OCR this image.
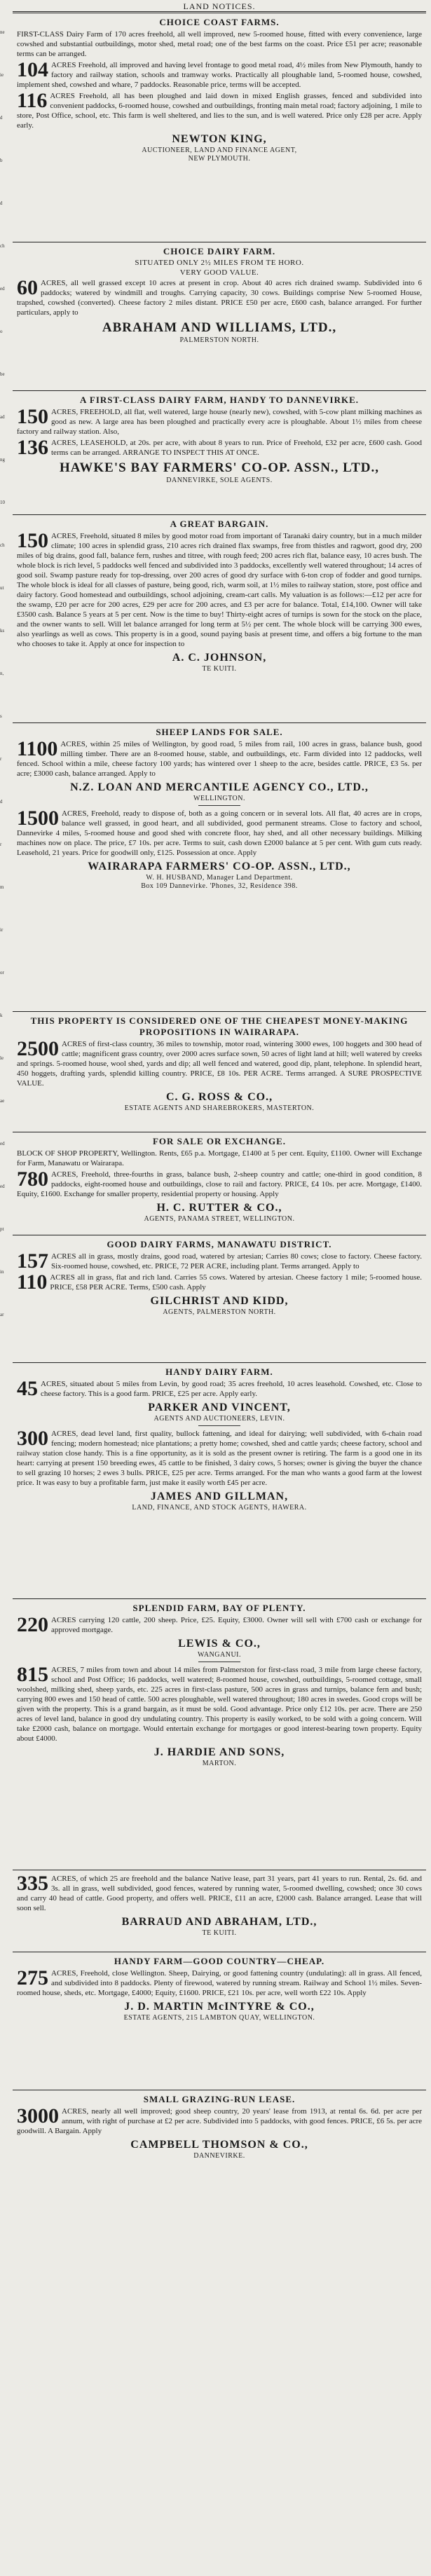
ne
ie
d
b
d
ch
ed
o
be
ad
ng
10
ch
ut
ks
n,
s
r
d
r
m
ir
or
k
le
ae
ed
ed
pt
in
ar
LAND NOTICES.
CHOICE COAST FARMS.
FIRST-CLASS Dairy Farm of 170 acres freehold, all well improved, new 5-roomed house, fitted with every convenience, large cowshed and substantial outbuildings, motor shed, metal road; one of the best farms on the coast. Price £51 per acre; reasonable terms can be arranged.
104 ACRES Freehold, all improved and having level frontage to good metal road, 4½ miles from New Plymouth, handy to factory and railway station, schools and tramway works. Practically all ploughable land, 5-roomed house, cowshed, implement shed, cowshed and whare, 7 paddocks. Reasonable price, terms will be accepted.
116 ACRES Freehold, all has been ploughed and laid down in mixed English grasses, fenced and subdivided into convenient paddocks, 6-roomed house, cowshed and outbuildings, fronting main metal road; factory adjoining, 1 mile to store, Post Office, school, etc. This farm is well sheltered, and lies to the sun, and is well watered. Price only £28 per acre. Apply early.
NEWTON KING,
AUCTIONEER, LAND AND FINANCE AGENT,
NEW PLYMOUTH.
CHOICE DAIRY FARM.
SITUATED ONLY 2½ MILES FROM TE HORO.
VERY GOOD VALUE.
60 ACRES, all well grassed except 10 acres at present in crop. About 40 acres rich drained swamp. Subdivided into 6 paddocks; watered by windmill and troughs. Carrying capacity, 30 cows. Buildings comprise New 5-roomed House, trapshed, cowshed (converted). Cheese factory 2 miles distant. PRICE £50 per acre, £600 cash, balance arranged. For further particulars, apply to
ABRAHAM AND WILLIAMS, LTD.,
PALMERSTON NORTH.
A FIRST-CLASS DAIRY FARM, HANDY TO DANNEVIRKE.
150 ACRES, FREEHOLD, all flat, well watered, large house (nearly new), cowshed, with 5-cow plant milking machines as good as new. A large area has been ploughed and practically every acre is ploughable. About 1½ miles from cheese factory and railway station. Also,
136 ACRES, LEASEHOLD, at 20s. per acre, with about 8 years to run. Price of Freehold, £32 per acre, £600 cash. Good terms can be arranged. ARRANGE TO INSPECT THIS AT ONCE.
HAWKE'S BAY FARMERS' CO-OP. ASSN., LTD.,
DANNEVIRKE, SOLE AGENTS.
A GREAT BARGAIN.
150 ACRES, Freehold, situated 8 miles by good motor road from important of Taranaki dairy country, but in a much milder climate; 100 acres in splendid grass, 210 acres rich drained flax swamps, free from thistles and ragwort, good dry, 200 miles of big drains, good fall, balance fern, rushes and titree, with rough feed; 200 acres rich flat, balance easy, 10 acres bush. The whole block is rich level, 5 paddocks well fenced and subdivided into 3 paddocks, excellently well watered throughout; 14 acres of good soil. Swamp pasture ready for top-dressing, over 200 acres of good dry surface with 6-ton crop of fodder and good turnips. The whole block is ideal for all classes of pasture, being good, rich, warm soil, at 1½ miles to railway station, store, post office and dairy factory. Good homestead and outbuildings, school adjoining, cream-cart calls. My valuation is as follows:—£12 per acre for the swamp, £20 per acre for 200 acres, £29 per acre for 200 acres, and £3 per acre for balance. Total, £14,100. Owner will take £3500 cash. Balance 5 years at 5 per cent. Now is the time to buy! Thirty-eight acres of turnips is sown for the stock on the place, and the owner wants to sell. Will let balance arranged for long term at 5½ per cent. The whole block will be carrying 300 ewes, also yearlings as well as cows. This property is in a good, sound paying basis at present time, and offers a big fortune to the man who chooses to take it. Apply at once for inspection to
A. C. JOHNSON,
TE KUITI.
SHEEP LANDS FOR SALE.
1100 ACRES, within 25 miles of Wellington, by good road, 5 miles from rail, 100 acres in grass, balance bush, good milling timber. There are an 8-roomed house, stable, and outbuildings, etc. Farm divided into 12 paddocks, well fenced. School within a mile, cheese factory 100 yards; has wintered over 1 sheep to the acre, besides cattle. PRICE, £3 5s. per acre; £3000 cash, balance arranged. Apply to
N.Z. LOAN AND MERCANTILE AGENCY CO., LTD.,
WELLINGTON.
1500 ACRES, Freehold, ready to dispose of, both as a going concern or in several lots. All flat, 40 acres are in crops, balance well grassed, in good heart, and all subdivided, good permanent streams. Close to factory and school, Dannevirke 4 miles, 5-roomed house and good shed with concrete floor, hay shed, and all other necessary buildings. Milking machines now on place. The price, £7 10s. per acre. Terms to suit, cash down £2000 balance at 5 per cent. With gum cuts ready. Leasehold, 21 years. Price for goodwill only, £125. Possession at once. Apply
WAIRARAPA FARMERS' CO-OP. ASSN., LTD.,
W. H. HUSBAND, Manager Land Department.
Box 109 Dannevirke. 'Phones, 32, Residence 398.
THIS PROPERTY IS CONSIDERED ONE OF THE CHEAPEST MONEY-MAKING PROPOSITIONS IN WAIRARAPA.
2500 ACRES of first-class country, 36 miles to township, motor road, wintering 3000 ewes, 100 hoggets and 300 head of cattle; magnificent grass country, over 2000 acres surface sown, 50 acres of light land at hill; well watered by creeks and springs. 5-roomed house, wool shed, yards and dip; all well fenced and watered, good dip, plant, telephone. In splendid heart, 450 hoggets, drafting yards, splendid killing country. PRICE, £8 10s. PER ACRE. Terms arranged. A SURE PROSPECTIVE VALUE.
C. G. ROSS & CO.,
ESTATE AGENTS AND SHAREBROKERS, MASTERTON.
FOR SALE OR EXCHANGE.
BLOCK OF SHOP PROPERTY, Wellington. Rents, £65 p.a. Mortgage, £1400 at 5 per cent. Equity, £1100. Owner will Exchange for Farm, Manawatu or Wairarapa.
780 ACRES, Freehold, three-fourths in grass, balance bush, 2-sheep country and cattle; one-third in good condition, 8 paddocks, eight-roomed house and outbuildings, close to rail and factory. PRICE, £4 10s. per acre. Mortgage, £1400. Equity, £1600. Exchange for smaller property, residential property or housing. Apply
H. C. RUTTER & CO.,
AGENTS, PANAMA STREET, WELLINGTON.
GOOD DAIRY FARMS, MANAWATU DISTRICT.
157 ACRES all in grass, mostly drains, good road, watered by artesian; Carries 80 cows; close to factory. Cheese factory. Six-roomed house, cowshed, etc. PRICE, 72 PER ACRE, including plant. Terms arranged. Apply to
110 ACRES all in grass, flat and rich land. Carries 55 cows. Watered by artesian. Cheese factory 1 mile; 5-roomed house. PRICE, £58 PER ACRE. Terms, £500 cash. Apply
GILCHRIST AND KIDD,
AGENTS, PALMERSTON NORTH.
HANDY DAIRY FARM.
45 ACRES, situated about 5 miles from Levin, by good road; 35 acres freehold, 10 acres leasehold. Cowshed, etc. Close to cheese factory. This is a good farm. PRICE, £25 per acre. Apply early.
PARKER AND VINCENT,
AGENTS AND AUCTIONEERS, LEVIN.
300 ACRES, dead level land, first quality, bullock fattening, and ideal for dairying; well subdivided, with 6-chain road fencing; modern homestead; nice plantations; a pretty home; cowshed, shed and cattle yards; cheese factory, school and railway station close handy. This is a fine opportunity, as it is sold as the present owner is retiring. The farm is a good one in its heart: carrying at present 150 breeding ewes, 45 cattle to be finished, 3 dairy cows, 5 horses; owner is giving the buyer the chance to sell grazing 10 horses; 2 ewes 3 bulls. PRICE, £25 per acre. Terms arranged. For the man who wants a good farm at the lowest price. It was easy to buy a profitable farm, just make it easily worth £45 per acre.
JAMES AND GILLMAN,
LAND, FINANCE, AND STOCK AGENTS, HAWERA.
SPLENDID FARM, BAY OF PLENTY.
220 ACRES carrying 120 cattle, 200 sheep. Price, £25. Equity, £3000. Owner will sell with £700 cash or exchange for approved mortgage.
LEWIS & CO.,
WANGANUI.
815 ACRES, 7 miles from town and about 14 miles from Palmerston for first-class road, 3 mile from large cheese factory, school and Post Office; 16 paddocks, well watered; 8-roomed house, cowshed, outbuildings, 5-roomed cottage, small woolshed, milking shed, sheep yards, etc. 225 acres in first-class pasture, 500 acres in grass and turnips, balance fern and bush; carrying 800 ewes and 150 head of cattle. 500 acres ploughable, well watered throughout; 180 acres in swedes. Good crops will be given with the property. This is a grand bargain, as it must be sold. Good advantage. Price only £12 10s. per acre. There are 250 acres of level land, balance in good dry undulating country. This property is easily worked, to be sold with a going concern. Will take £2000 cash, balance on mortgage. Would entertain exchange for mortgages or good interest-bearing town property. Equity about £4000.
J. HARDIE AND SONS,
MARTON.
335 ACRES, of which 25 are freehold and the balance Native lease, part 31 years, part 41 years to run. Rental, 2s. 6d. and 3s. all in grass, well subdivided, good fences, watered by running water, 5-roomed dwelling, cowshed; once 30 cows and carry 40 head of cattle. Good property, and offers well. PRICE, £11 an acre, £2000 cash. Balance arranged. Lease that will soon sell.
BARRAUD AND ABRAHAM, LTD.,
TE KUITI.
HANDY FARM—GOOD COUNTRY—CHEAP.
275 ACRES, Freehold, close Wellington. Sheep, Dairying, or good fattening country (undulating): all in grass. All fenced, and subdivided into 8 paddocks. Plenty of firewood, watered by running stream. Railway and School 1½ miles. Seven-roomed house, sheds, etc. Mortgage, £4000; Equity, £1600. PRICE, £21 10s. per acre, well worth £22 10s. Apply
J. D. MARTIN McINTYRE & CO.,
ESTATE AGENTS, 215 LAMBTON QUAY, WELLINGTON.
SMALL GRAZING-RUN LEASE.
3000 ACRES, nearly all well improved; good sheep country, 20 years' lease from 1913, at rental 6s. 6d. per acre per annum, with right of purchase at £2 per acre. Subdivided into 5 paddocks, with good fences. PRICE, £6 5s. per acre goodwill. A Bargain. Apply
CAMPBELL THOMSON & CO.,
DANNEVIRKE.
